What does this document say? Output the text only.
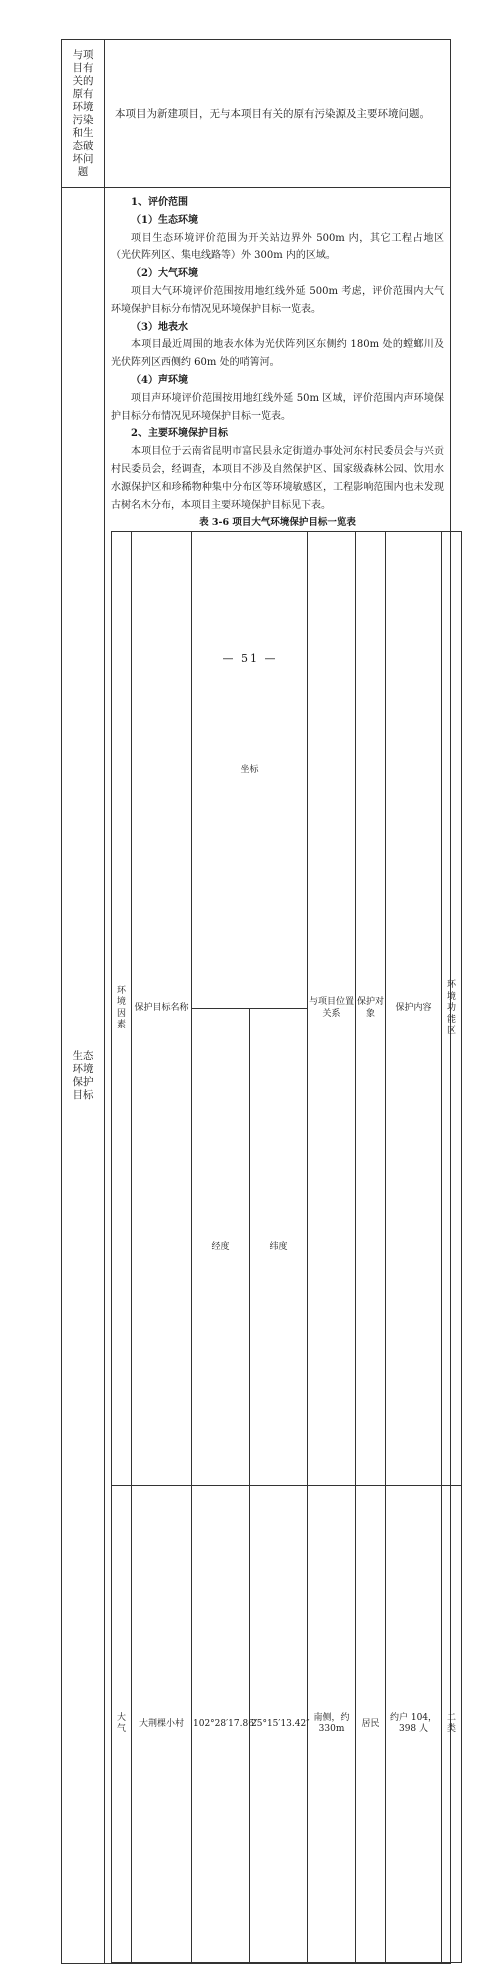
与项目有关的原有环境污染和生态破坏问题
	本项目为新建项目，无与本项目有关的原有污染源及主要环境问题。

生态环境保护目标

1、评价范围
（1）生态环境
项目生态环境评价范围为开关站边界外 500m 内，其它工程占地区（光伏阵列区、集电线路等）外 300m 内的区域。
（2）大气环境
项目大气环境评价范围按用地红线外延 500m 考虑，评价范围内大气环境保护目标分布情况见环境保护目标一览表。
（3）地表水
本项目最近周围的地表水体为光伏阵列区东侧约 180m 处的螳螂川及光伏阵列区西侧约 60m 处的哨箐河。
（4）声环境
项目声环境评价范围按用地红线外延 50m 区域，评价范围内声环境保护目标分布情况见环境保护目标一览表。
2、主要环境保护目标
本项目位于云南省昆明市富民县永定街道办事处河东村民委员会与兴贡村民委员会，经调查，本项目不涉及自然保护区、国家级森林公园、饮用水水源保护区和珍稀物种集中分布区等环境敏感区，工程影响范围内也未发现古树名木分布，本项目主要环境保护目标见下表。
表 3-6 项目大气环境保护目标一览表
环境因素	保护目标名称	坐标	与项目位置关系	保护对象	保护内容	环境功能区
经度	纬度
大气	大荆棵小村	102°28′17.86″	25°15′13.42″	南侧，约 330m	居民	约户 104，398 人	二类
— 51 —
